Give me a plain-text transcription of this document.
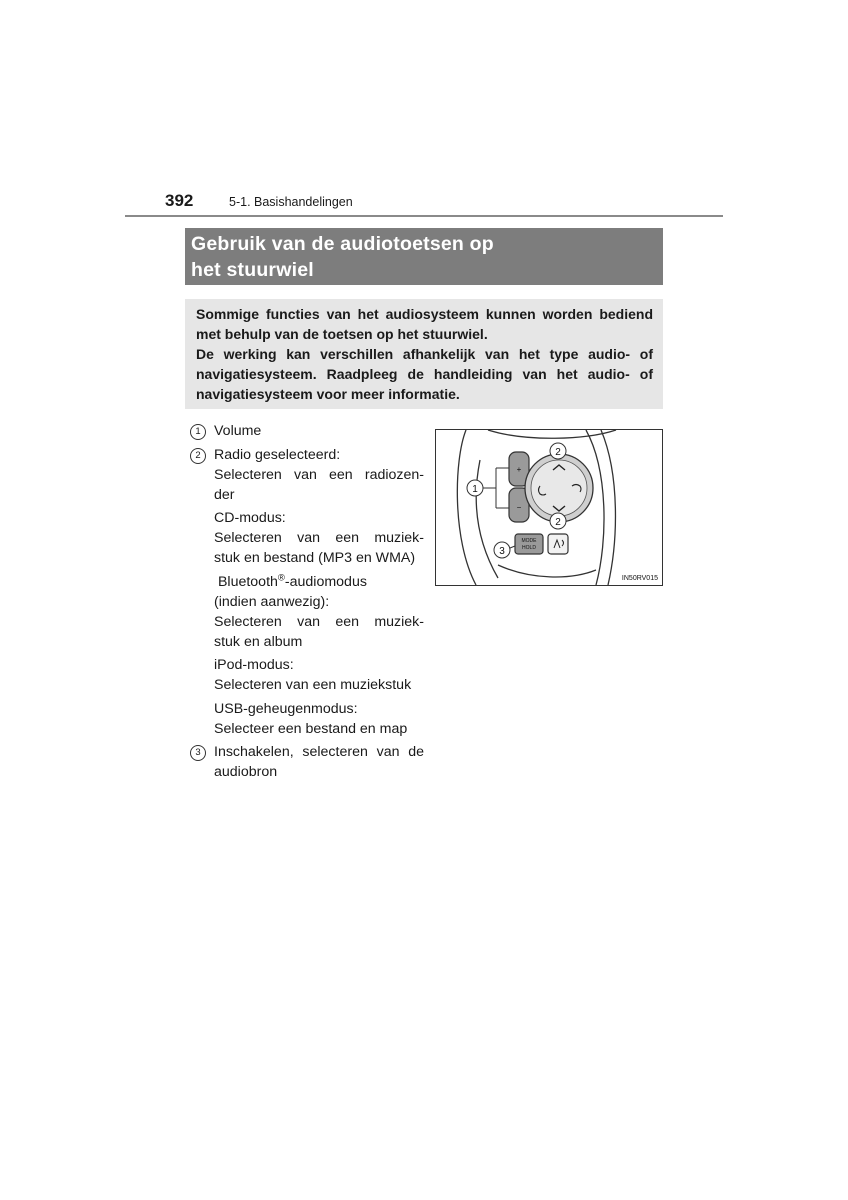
392	5-1. Basishandelingen
Gebruik van de audiotoetsen op
het stuurwiel

Sommige functies van het audiosysteem kunnen worden bediend met behulp van de toetsen op het stuurwiel.

De werking kan verschillen afhankelijk van het type audio- of navigatiesysteem. Raadpleeg de handleiding van het audio- of navigatiesysteem voor meer informatie.

1 Volume
2 Radio geselecteerd:
Selecteren van een radiozen-
der
CD-modus:
Selecteren van een muziek-
stuk en bestand (MP3 en WMA)
Bluetooth®-audiomodus
(indien aanwezig):
Selecteren van een muziek-
stuk en album
iPod-modus:
Selecteren van een muziekstuk
USB-geheugenmodus:
Selecteer een bestand en map
3 Inschakelen, selecteren van de
audiobron
+
−
MODE
HOLD
1
2
2
3
IN50RV015
